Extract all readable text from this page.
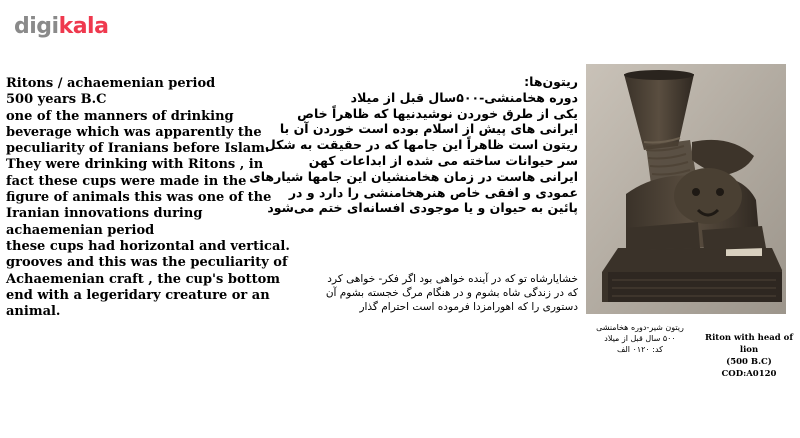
digikala
Ritons / achaemenian period
500 years B.C
one of the manners of drinking
beverage which was apparently the
peculiarity of Iranians before Islam.
They were drinking with Ritons , in
fact these cups were made in the
figure of animals this was one of the
Iranian innovations during
achaemenian period
these cups had horizontal and vertical.
grooves and this was the peculiarity of
Achaemenian craft , the cup's bottom
end with a legeridary creature or an
animal.
ریتون‌ها:
دوره هخامنشی-۵۰۰سال قبل از میلاد
یکی از طرق خوردن نوشیدنیها که ظاهراً خاص
ایرانی های پیش از اسلام بوده است خوردن آن با
ریتون است ظاهراً این جامها که در حقیقت به شکل
سر حیوانات ساخته می شده از ابداعات کهن
ایرانی هاست در زمان هخامنشیان این جامها شیارهای
عمودی و افقی خاص هنرهخامنشی را دارد و در
پائین به حیوان و یا موجودی افسانه‌ای ختم می‌شود
خشایارشاه تو که در آینده خواهی بود اگر فکر- خواهی کرد
که در زندگی شاه بشوم و در هنگام مرگ خجسته بشوم آن
دستوری را که اهورامزدا فرموده است احترام گذار
ریتون شیر-دوره هخامنشی
۵۰۰ سال قبل از میلاد
کد: ۰۱۲۰ الف
Riton with head of lion
(500 B.C)
COD:A0120
